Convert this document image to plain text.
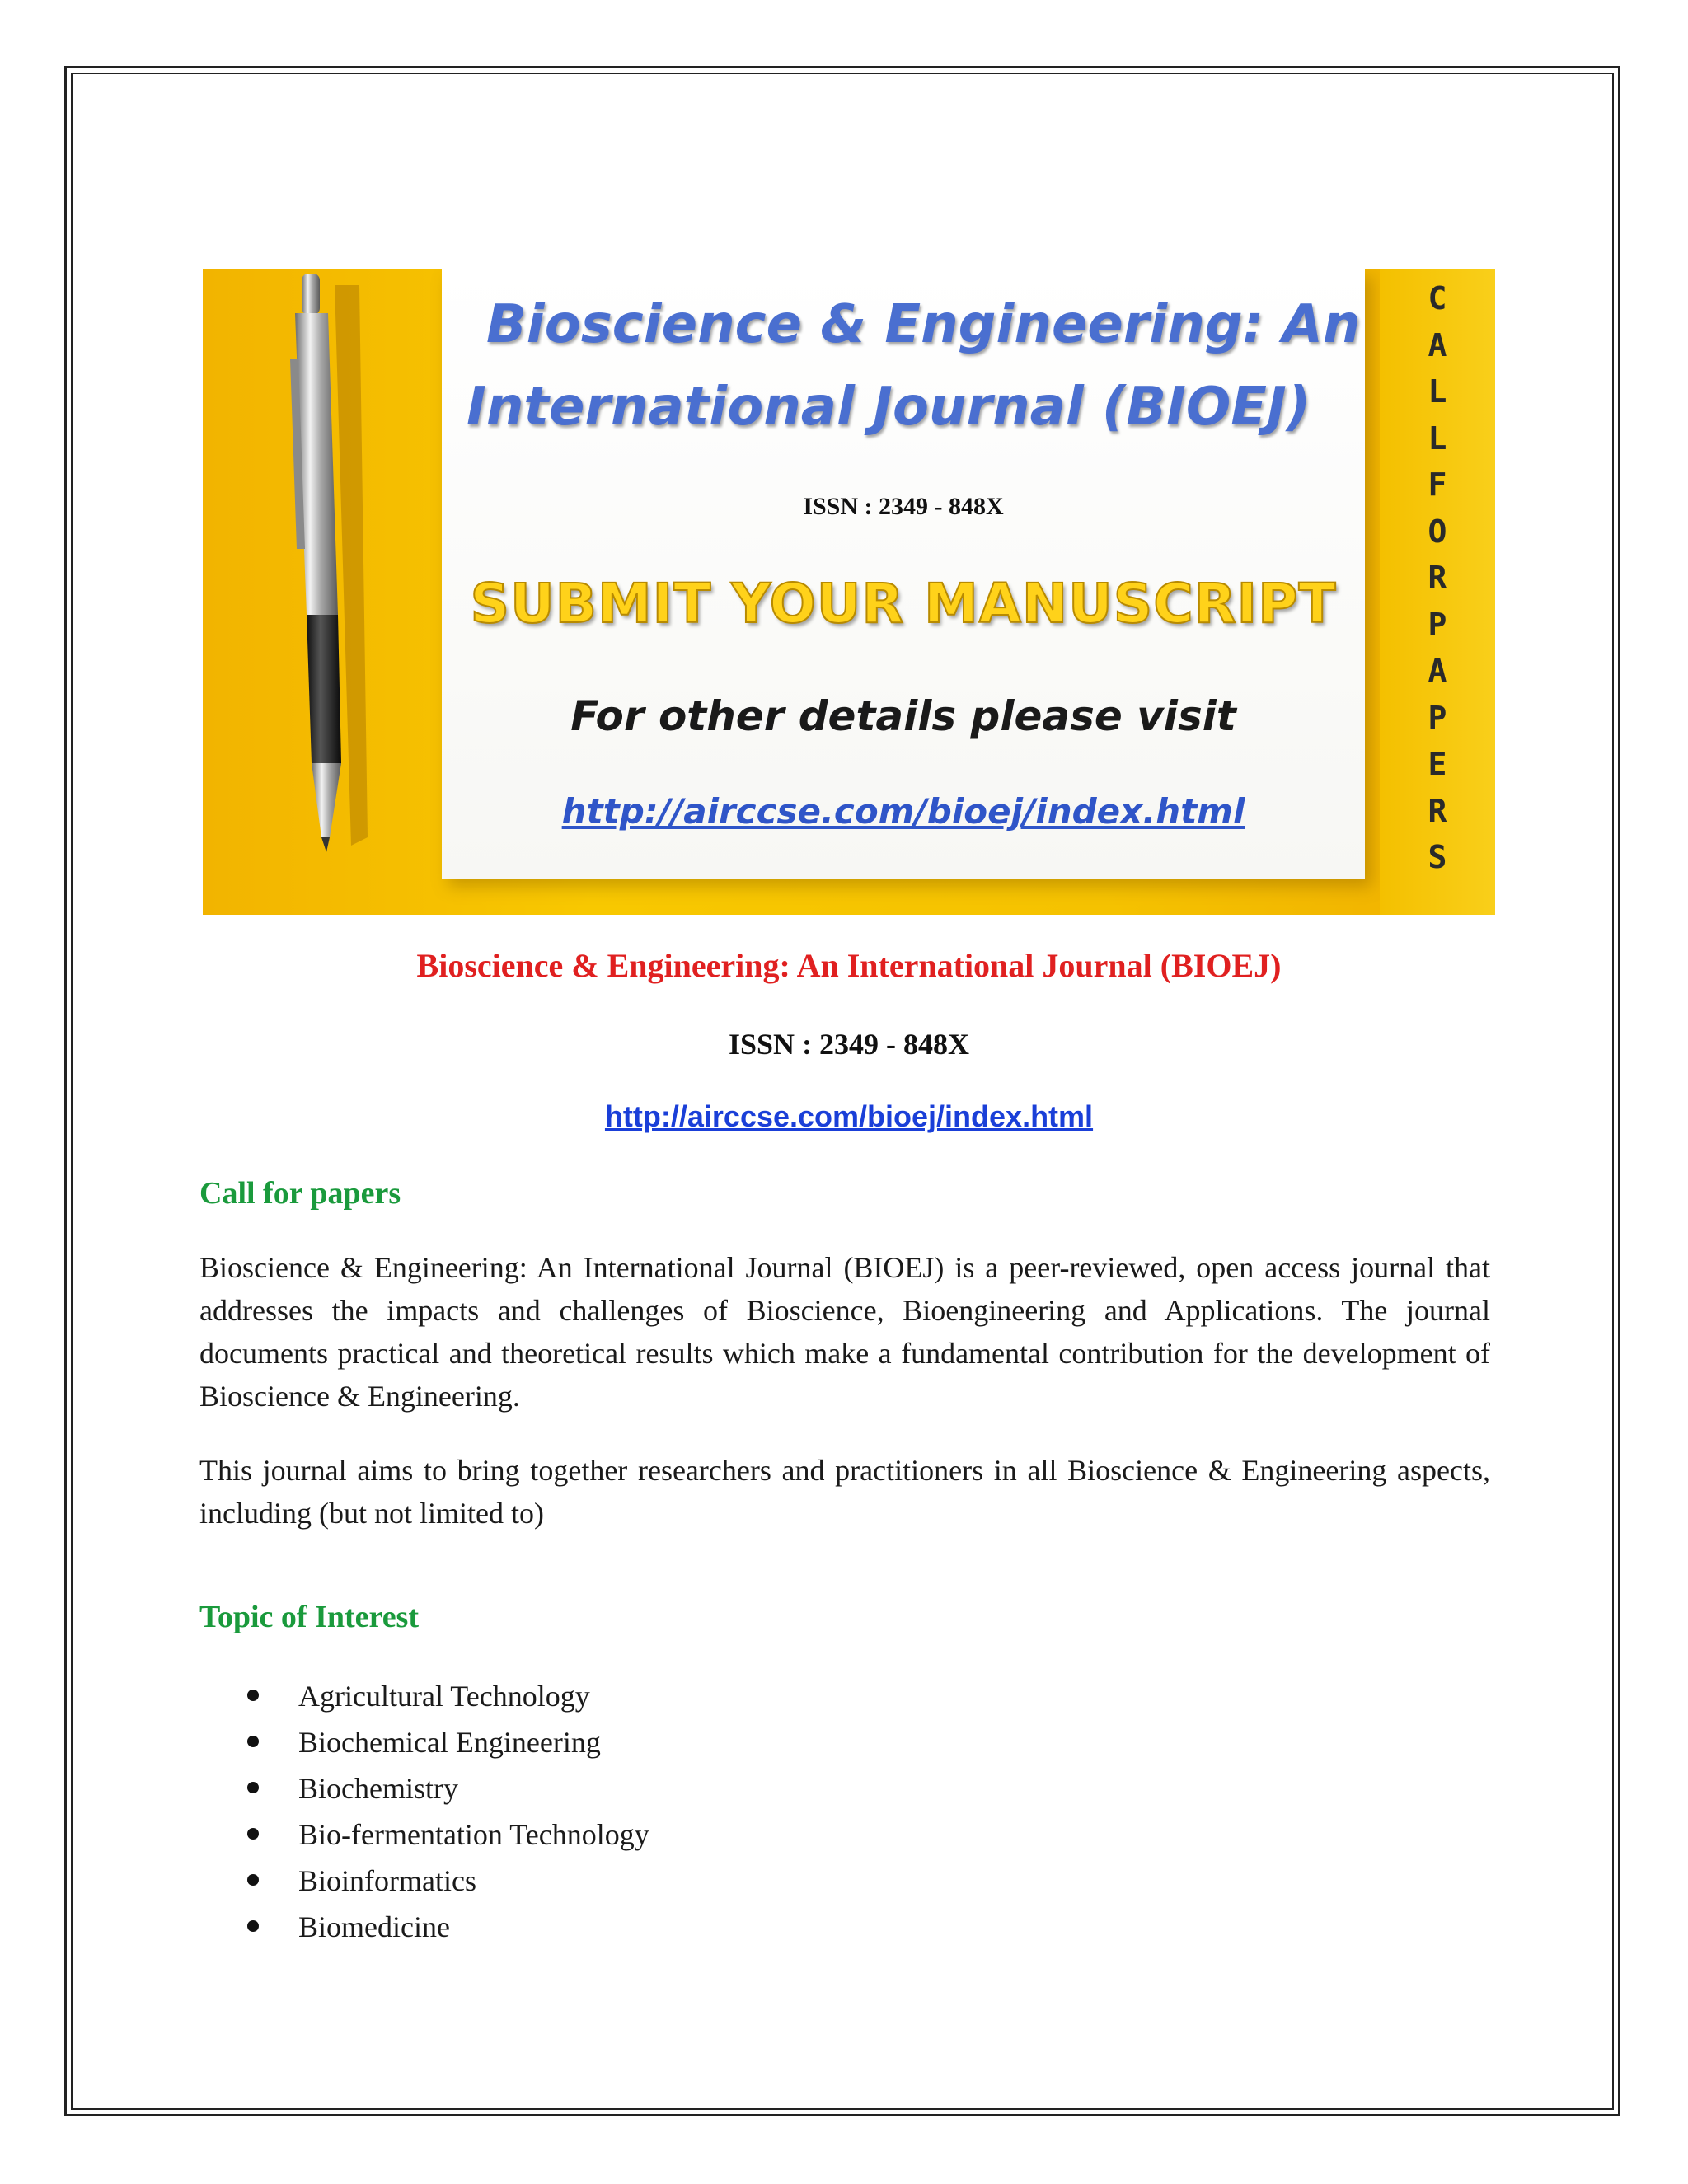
Bioscience & Engineering: An
International Journal (BIOEJ)
ISSN : 2349 - 848X
SUBMIT YOUR MANUSCRIPT
For other details please visit
http://airccse.com/bioej/index.html
C
A
L
L
F
O
R
P
A
P
E
R
S
Bioscience & Engineering: An International Journal (BIOEJ)
ISSN : 2349 - 848X
http://airccse.com/bioej/index.html
Call for papers
Bioscience & Engineering: An International Journal (BIOEJ) is a peer-reviewed, open access journal that addresses the impacts and challenges of Bioscience, Bioengineering and Applications. The journal documents practical and theoretical results which make a fundamental contribution for the development of Bioscience & Engineering.
This journal aims to bring together researchers and practitioners in all Bioscience & Engineering aspects, including (but not limited to)
Topic of Interest
Agricultural Technology
Biochemical Engineering
Biochemistry
Bio-fermentation Technology
Bioinformatics
Biomedicine
